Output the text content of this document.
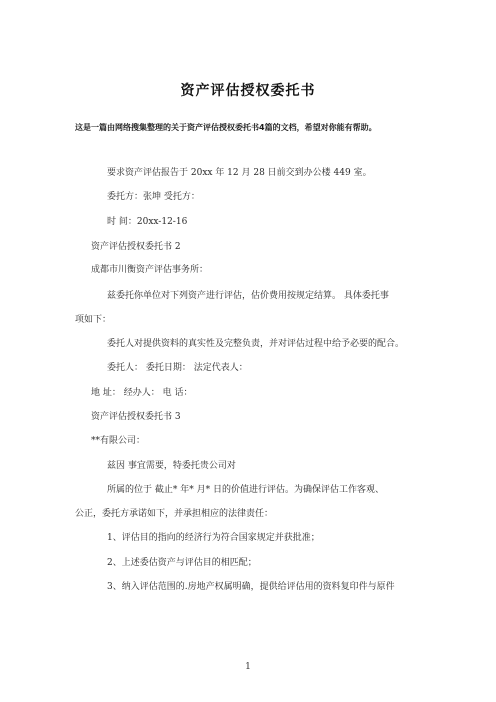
资产评估授权委托书
这是一篇由网络搜集整理的关于资产评估授权委托书4篇的文档，希望对你能有帮助。
要求资产评估报告于 20xx 年 12 月 28 日前交到办公楼 449 室。
委托方：张坤 受托方：
时 间：20xx-12-16
资产评估授权委托书 2
成都市川衡资产评估事务所：
兹委托你单位对下列资产进行评估，估价费用按规定结算。 具体委托事
项如下：
委托人对提供资料的真实性及完整负责，并对评估过程中给予必要的配合。
委托人： 委托日期： 法定代表人：
地 址： 经办人： 电 话：
资产评估授权委托书 3
**有限公司：
兹因 事宜需要，特委托贵公司对
所属的位于 截止* 年* 月* 日的价值进行评估。为确保评估工作客观、
公正，委托方承诺如下，并承担相应的法律责任：
1、评估目的指向的经济行为符合国家规定并获批准；
2、上述委估资产与评估目的相匹配；
3、纳入评估范围的.房地产权属明确，提供给评估用的资料复印件与原件
1
